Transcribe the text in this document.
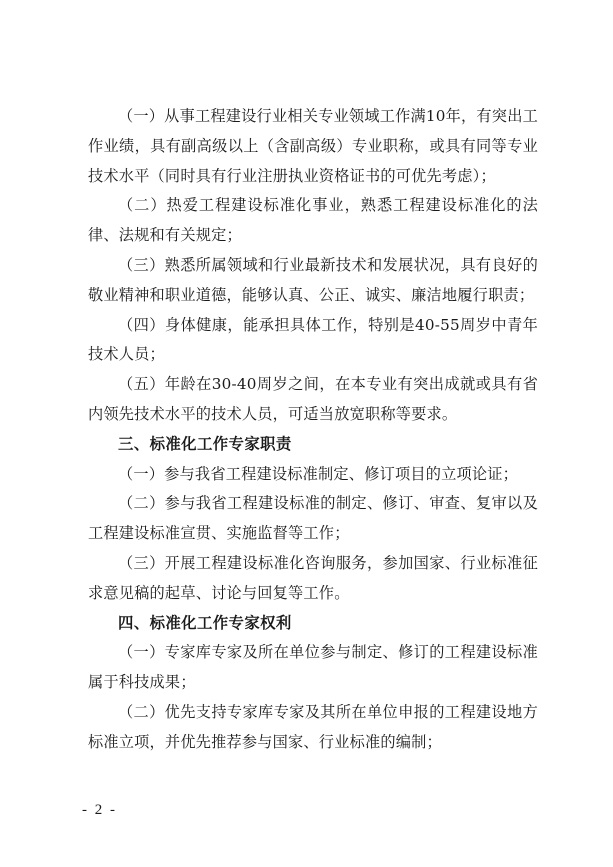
（一）从事工程建设行业相关专业领域工作满10年，有突出工作业绩，具有副高级以上（含副高级）专业职称，或具有同等专业技术水平（同时具有行业注册执业资格证书的可优先考虑）；

（二）热爱工程建设标准化事业，熟悉工程建设标准化的法律、法规和有关规定；

（三）熟悉所属领域和行业最新技术和发展状况，具有良好的敬业精神和职业道德，能够认真、公正、诚实、廉洁地履行职责；

（四）身体健康，能承担具体工作，特别是40-55周岁中青年技术人员；

（五）年龄在30-40周岁之间，在本专业有突出成就或具有省内领先技术水平的技术人员，可适当放宽职称等要求。

三、标准化工作专家职责

（一）参与我省工程建设标准制定、修订项目的立项论证；

（二）参与我省工程建设标准的制定、修订、审查、复审以及工程建设标准宣贯、实施监督等工作；

（三）开展工程建设标准化咨询服务，参加国家、行业标准征求意见稿的起草、讨论与回复等工作。

四、标准化工作专家权利

（一）专家库专家及所在单位参与制定、修订的工程建设标准属于科技成果；

（二）优先支持专家库专家及其所在单位申报的工程建设地方标准立项，并优先推荐参与国家、行业标准的编制；

- 2 -
